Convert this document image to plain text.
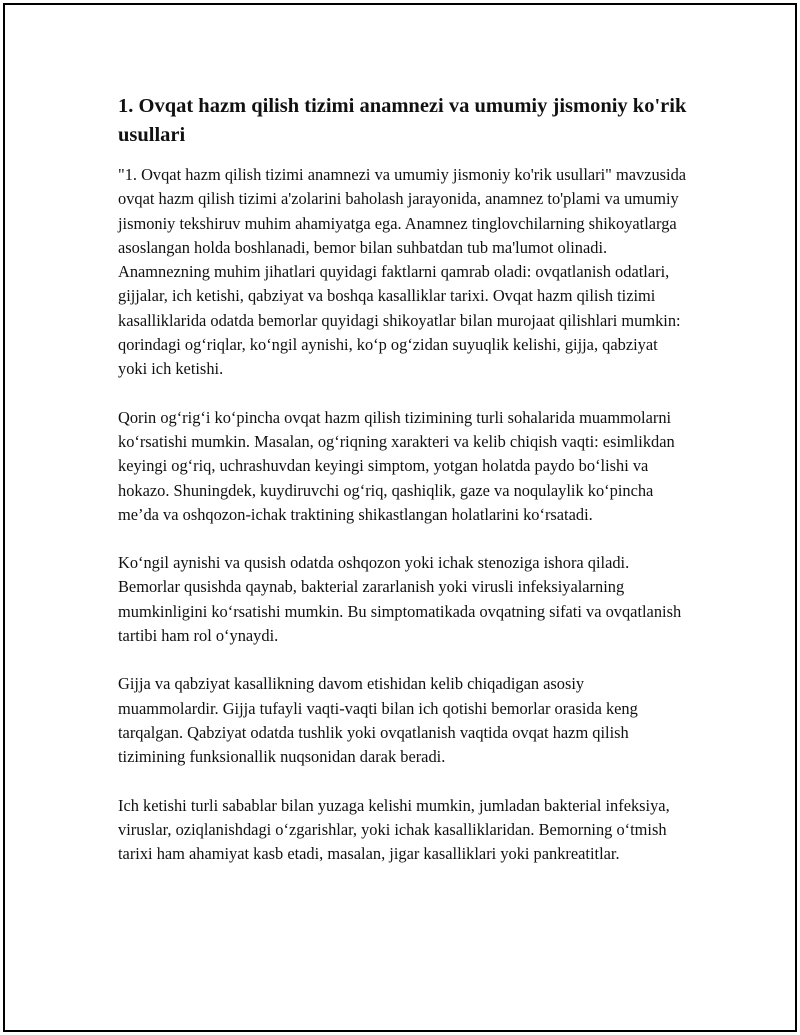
1. Ovqat hazm qilish tizimi anamnezi va umumiy jismoniy ko'rik usullari

"1. Ovqat hazm qilish tizimi anamnezi va umumiy jismoniy ko'rik usullari" mavzusida ovqat hazm qilish tizimi a'zolarini baholash jarayonida, anamnez to'plami va umumiy jismoniy tekshiruv muhim ahamiyatga ega. Anamnez tinglovchilarning shikoyatlarga asoslangan holda boshlanadi, bemor bilan suhbatdan tub ma'lumot olinadi. Anamnezning muhim jihatlari quyidagi faktlarni qamrab oladi: ovqatlanish odatlari, gijjalar, ich ketishi, qabziyat va boshqa kasalliklar tarixi. Ovqat hazm qilish tizimi kasalliklarida odatda bemorlar quyidagi shikoyatlar bilan murojaat qilishlari mumkin: qorindagi og‘riqlar, ko‘ngil aynishi, ko‘p og‘zidan suyuqlik kelishi, gijja, qabziyat yoki ich ketishi.

Qorin og‘rig‘i ko‘pincha ovqat hazm qilish tizimining turli sohalarida muammolarni ko‘rsatishi mumkin. Masalan, og‘riqning xarakteri va kelib chiqish vaqti: esimlikdan keyingi og‘riq, uchrashuvdan keyingi simptom, yotgan holatda paydo bo‘lishi va hokazo. Shuningdek, kuydiruvchi og‘riq, qashiqlik, gaze va noqulaylik ko‘pincha me’da va oshqozon-ichak traktining shikastlangan holatlarini ko‘rsatadi.

Ko‘ngil aynishi va qusish odatda oshqozon yoki ichak stenoziga ishora qiladi. Bemorlar qusishda qaynab, bakterial zararlanish yoki virusli infeksiyalarning mumkinligini ko‘rsatishi mumkin. Bu simptomatikada ovqatning sifati va ovqatlanish tartibi ham rol o‘ynaydi.

Gijja va qabziyat kasallikning davom etishidan kelib chiqadigan asosiy muammolardir. Gijja tufayli vaqti-vaqti bilan ich qotishi bemorlar orasida keng tarqalgan. Qabziyat odatda tushlik yoki ovqatlanish vaqtida ovqat hazm qilish tizimining funksionallik nuqsonidan darak beradi.

Ich ketishi turli sabablar bilan yuzaga kelishi mumkin, jumladan bakterial infeksiya, viruslar, oziqlanishdagi o‘zgarishlar, yoki ichak kasalliklaridan. Bemorning o‘tmish tarixi ham ahamiyat kasb etadi, masalan, jigar kasalliklari yoki pankreatitlar.
